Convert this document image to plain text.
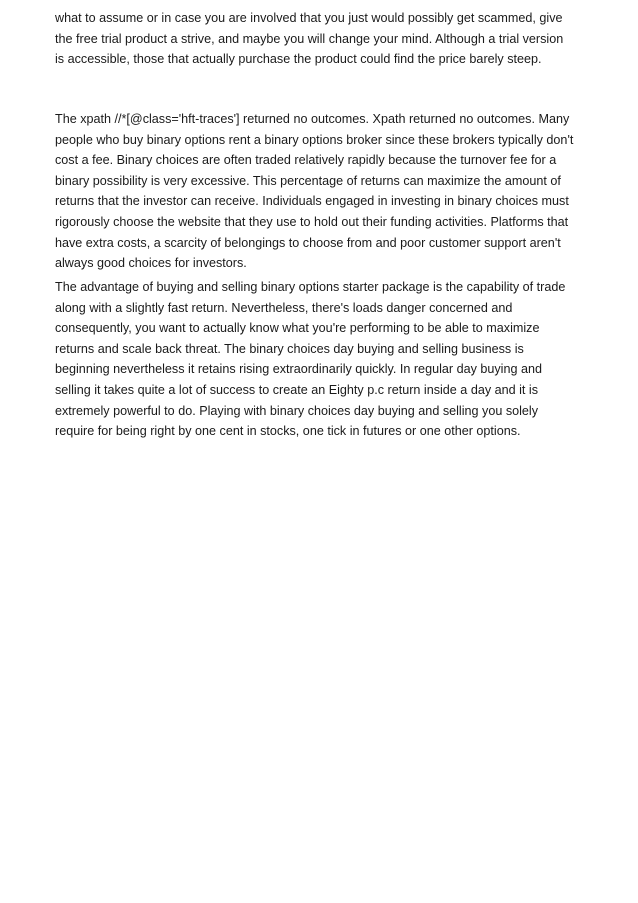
what to assume or in case you are involved that you just would possibly get scammed, give
the free trial product a strive, and maybe you will change your mind. Although a trial version
is accessible, those that actually purchase the product could find the price barely steep.

The xpath //*[@class='hft-traces'] returned no outcomes. Xpath returned no outcomes. Many
people who buy binary options rent a binary options broker since these brokers typically don't
cost a fee. Binary choices are often traded relatively rapidly because the turnover fee for a
binary possibility is very excessive. This percentage of returns can maximize the amount of
returns that the investor can receive. Individuals engaged in investing in binary choices must
rigorously choose the website that they use to hold out their funding activities. Platforms that
have extra costs, a scarcity of belongings to choose from and poor customer support aren't
always good choices for investors.

The advantage of buying and selling binary options starter package is the capability of trade
along with a slightly fast return. Nevertheless, there's loads danger concerned and
consequently, you want to actually know what you're performing to be able to maximize
returns and scale back threat. The binary choices day buying and selling business is
beginning nevertheless it retains rising extraordinarily quickly. In regular day buying and
selling it takes quite a lot of success to create an Eighty p.c return inside a day and it is
extremely powerful to do. Playing with binary choices day buying and selling you solely
require for being right by one cent in stocks, one tick in futures or one other options.
